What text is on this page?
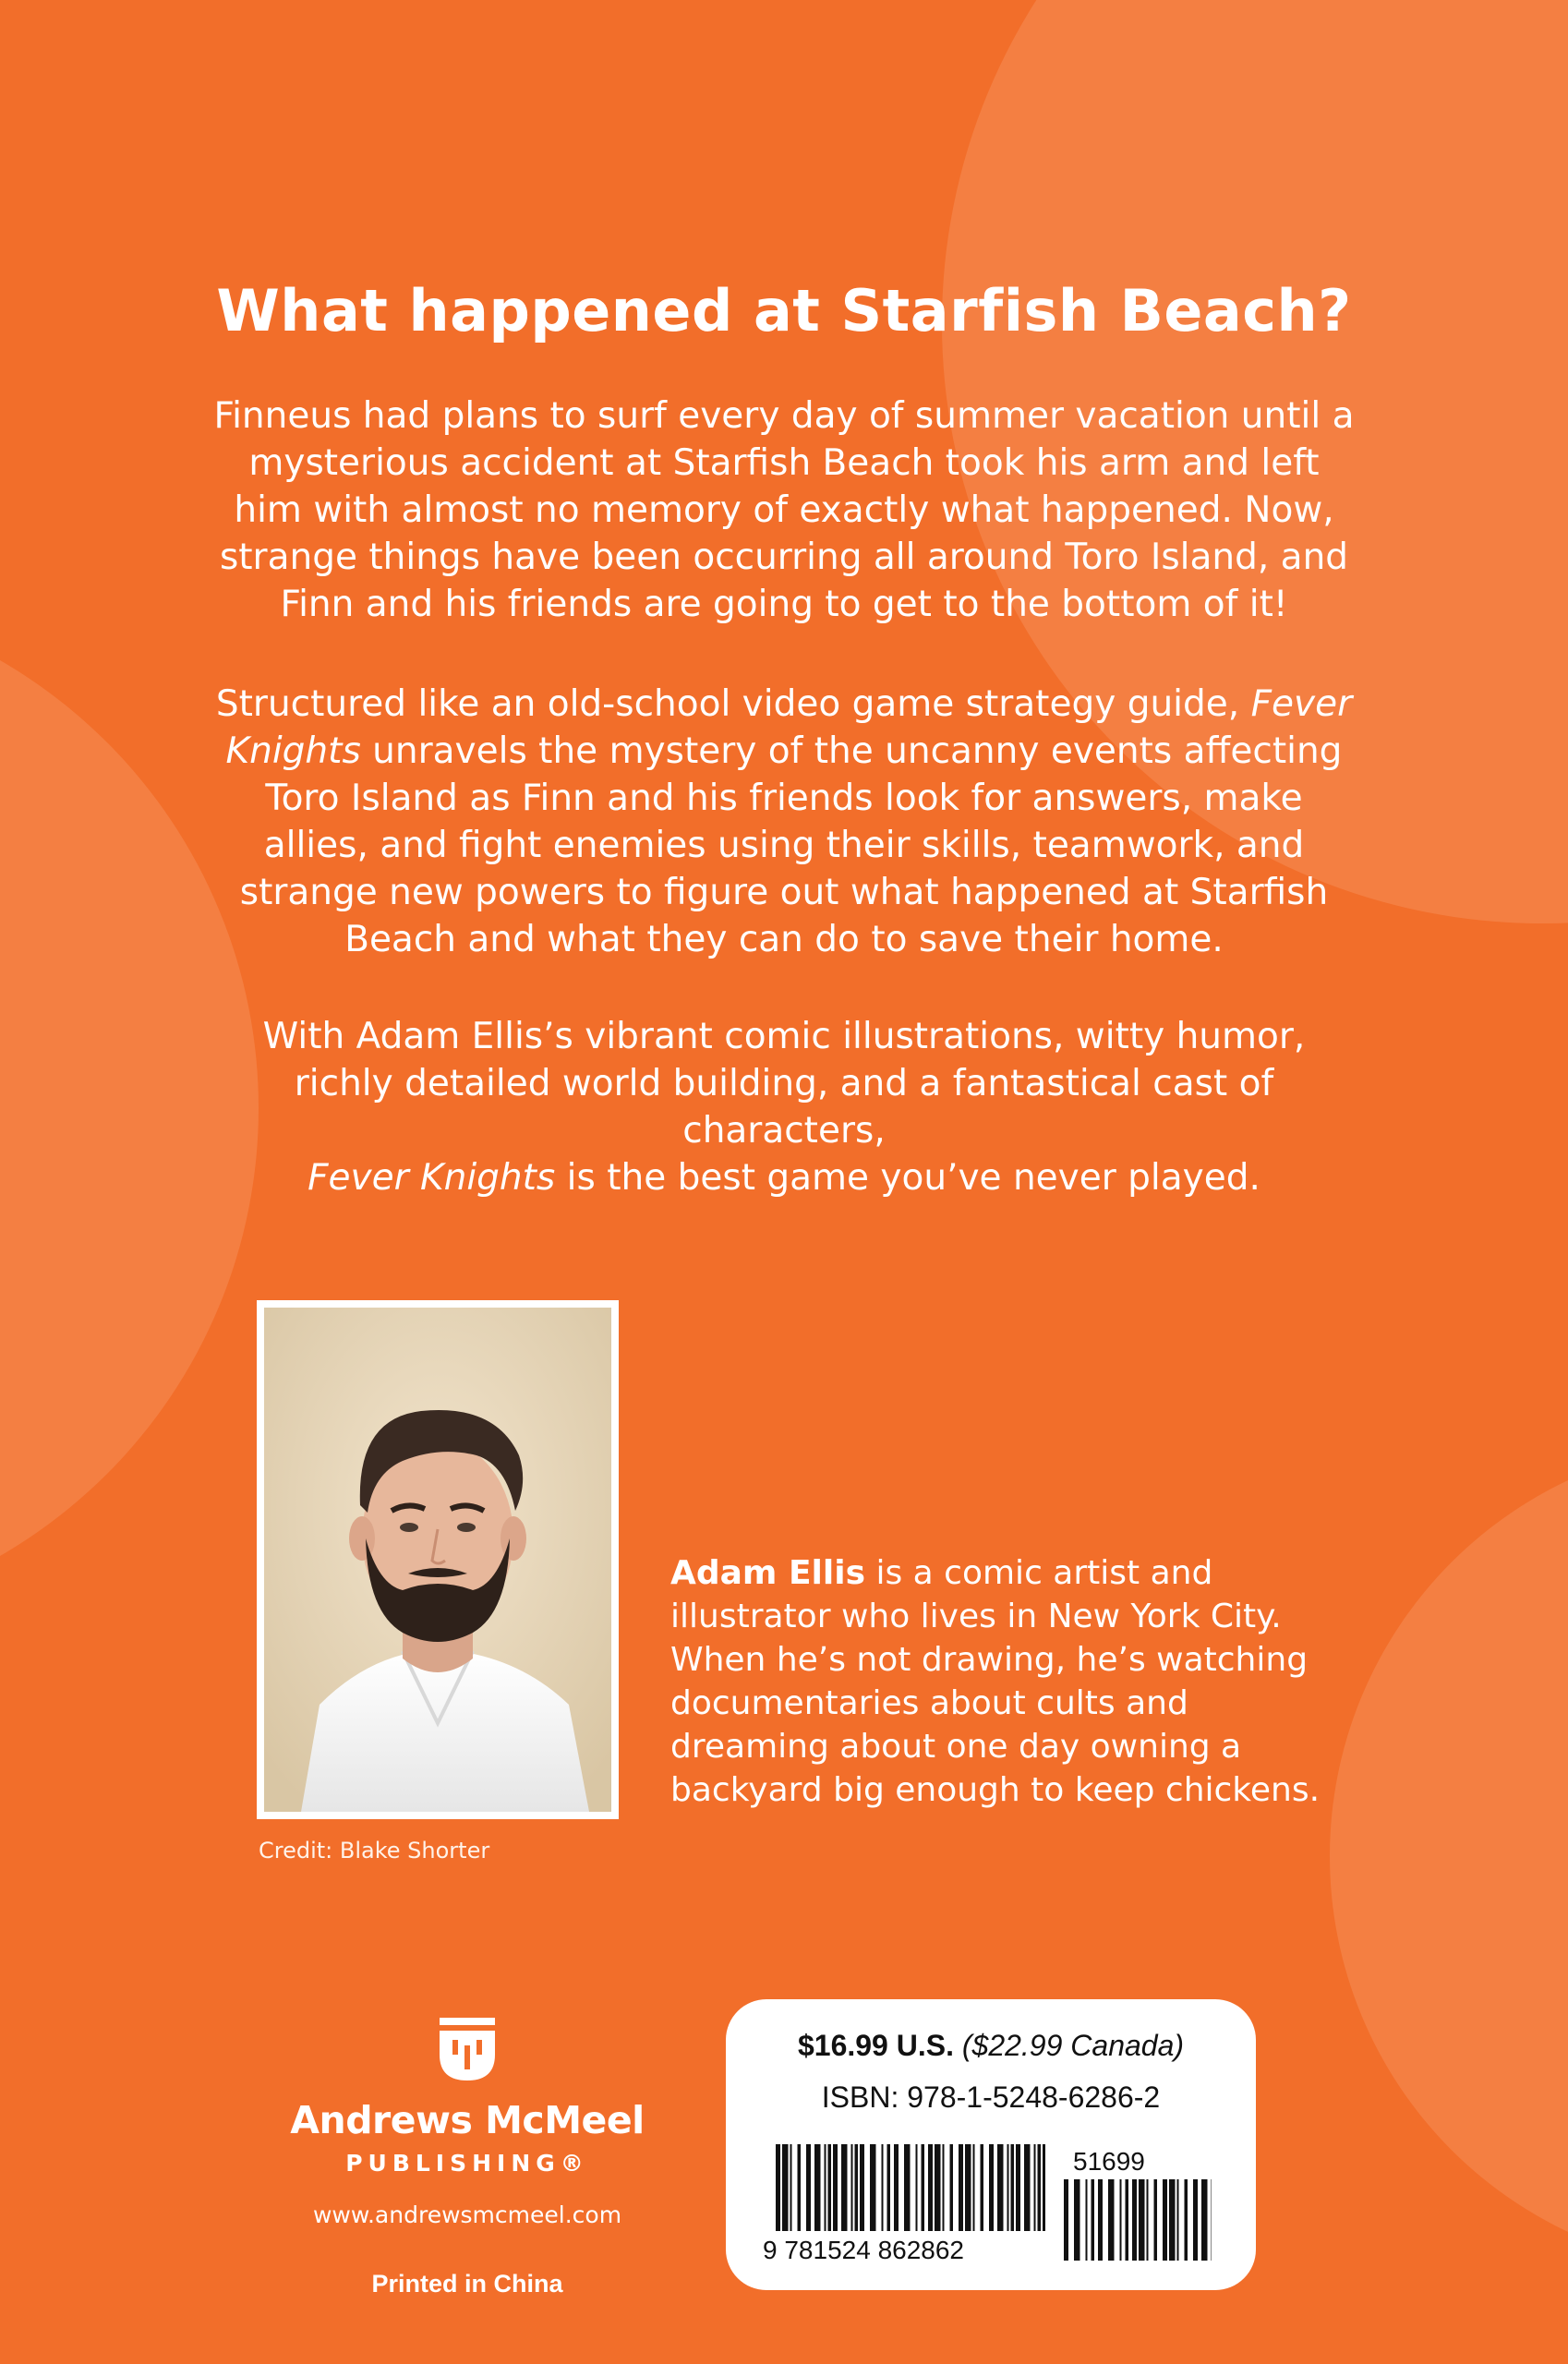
What happened at Starfish Beach?
Finneus had plans to surf every day of summer vacation until a mysterious accident at Starfish Beach took his arm and left him with almost no memory of exactly what happened. Now, strange things have been occurring all around Toro Island, and Finn and his friends are going to get to the bottom of it!
Structured like an old-school video game strategy guide, Fever Knights unravels the mystery of the uncanny events affecting Toro Island as Finn and his friends look for answers, make allies, and fight enemies using their skills, teamwork, and strange new powers to figure out what happened at Starfish Beach and what they can do to save their home.
With Adam Ellis’s vibrant comic illustrations, witty humor, richly detailed world building, and a fantastical cast of characters,
Fever Knights is the best game you’ve never played.
Credit: Blake Shorter
Adam Ellis is a comic artist and illustrator who lives in New York City. When he’s not drawing, he’s watching documentaries about cults and dreaming about one day owning a backyard big enough to keep chickens.
Andrews McMeel
PUBLISHING®
www.andrewsmcmeel.com
Printed in China
$16.99 U.S. ($22.99 Canada)
ISBN: 978-1-5248-6286-2
9 781524 862862
51699
